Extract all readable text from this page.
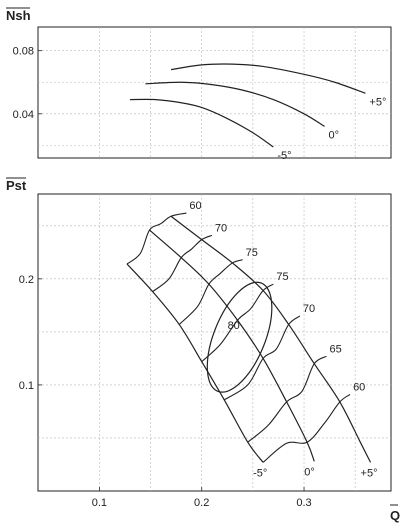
0.04
0.08
+5°
0°
-5°
Nsh
0.1
0.2
0.1	0.2	0.3
-5°	0°	+5°
60
70
75
75
70
65
60
Pst
Q
80
